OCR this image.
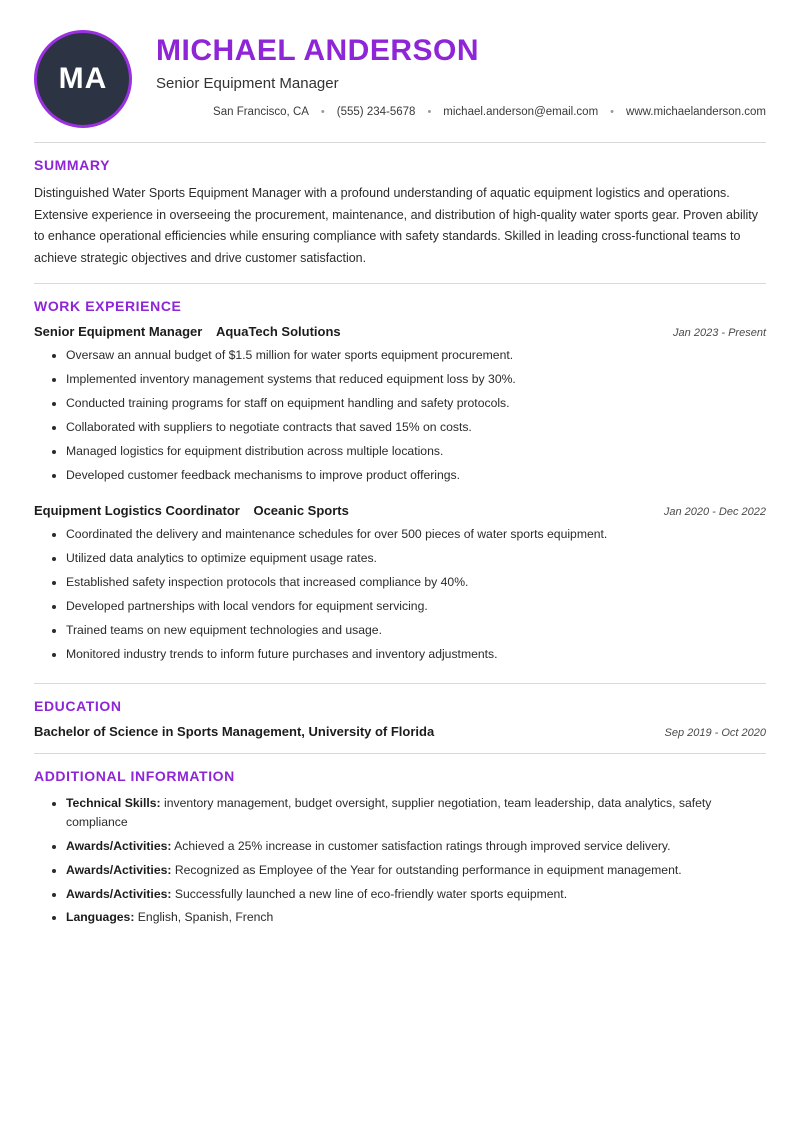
MA
MICHAEL ANDERSON
Senior Equipment Manager
San Francisco, CA	•	(555) 234-5678	•	michael.anderson@email.com	•	www.michaelanderson.com
SUMMARY

Distinguished Water Sports Equipment Manager with a profound understanding of aquatic equipment logistics and operations. Extensive experience in overseeing the procurement, maintenance, and distribution of high-quality water sports gear. Proven ability to enhance operational efficiencies while ensuring compliance with safety standards. Skilled in leading cross-functional teams to achieve strategic objectives and drive customer satisfaction.

WORK EXPERIENCE
Senior Equipment Manager AquaTech Solutions	Jan 2023 - Present
Oversaw an annual budget of $1.5 million for water sports equipment procurement.
Implemented inventory management systems that reduced equipment loss by 30%.
Conducted training programs for staff on equipment handling and safety protocols.
Collaborated with suppliers to negotiate contracts that saved 15% on costs.
Managed logistics for equipment distribution across multiple locations.
Developed customer feedback mechanisms to improve product offerings.
Equipment Logistics Coordinator Oceanic Sports	Jan 2020 - Dec 2022
Coordinated the delivery and maintenance schedules for over 500 pieces of water sports equipment.
Utilized data analytics to optimize equipment usage rates.
Established safety inspection protocols that increased compliance by 40%.
Developed partnerships with local vendors for equipment servicing.
Trained teams on new equipment technologies and usage.
Monitored industry trends to inform future purchases and inventory adjustments.
EDUCATION
Bachelor of Science in Sports Management, University of Florida	Sep 2019 - Oct 2020
ADDITIONAL INFORMATION
Technical Skills: inventory management, budget oversight, supplier negotiation, team leadership, data analytics, safety compliance
Awards/Activities: Achieved a 25% increase in customer satisfaction ratings through improved service delivery.
Awards/Activities: Recognized as Employee of the Year for outstanding performance in equipment management.
Awards/Activities: Successfully launched a new line of eco-friendly water sports equipment.
Languages: English, Spanish, French
